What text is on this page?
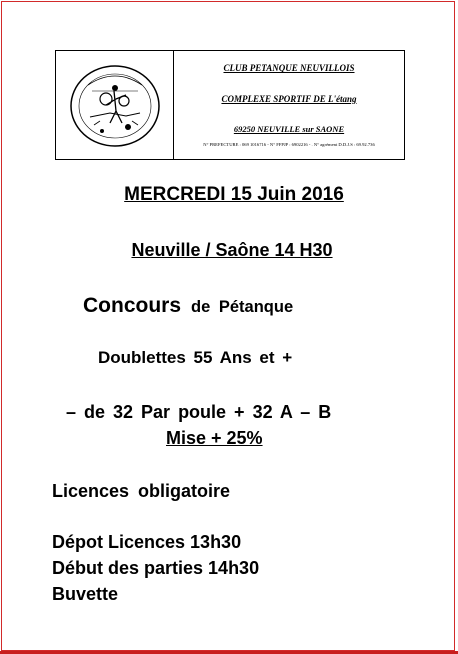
CLUB PETANQUE NEUVILLOIS
COMPLEXE SPORTIF DE L'étang
69250 NEUVILLE sur SAONE
N° PREFECTURE : 069 1016716 - N° FFPJP : 6902216 - . N° agrément D.D.J.S : 69.92.736
MERCREDI 15 Juin 2016
Neuville / Saône 14 H30
Concours de Pétanque
Doublettes 55 Ans et +
– de 32 Par poule + 32 A – B
Mise + 25%
Licences obligatoire
Dépot Licences 13h30
Début des parties 14h30
Buvette
